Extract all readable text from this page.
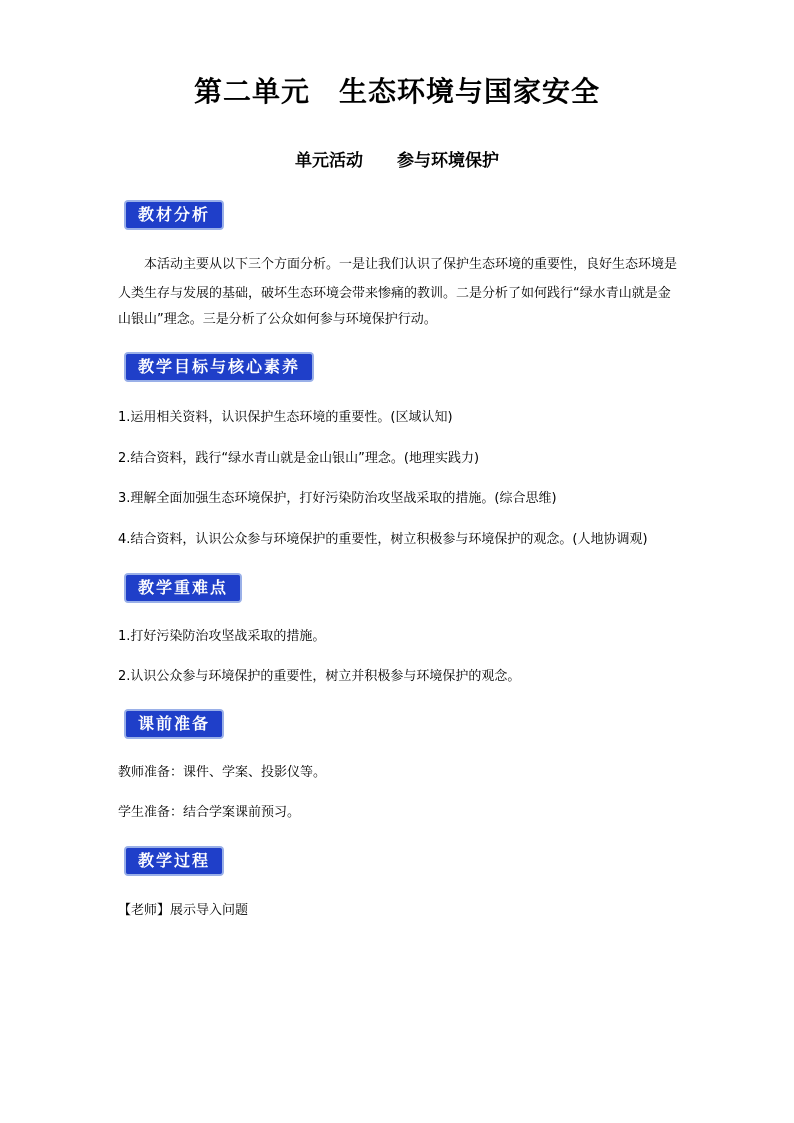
第二单元　生态环境与国家安全
单元活动　　参与环境保护
教材分析
　　本活动主要从以下三个方面分析。一是让我们认识了保护生态环境的重要性，良好生态环境是
人类生存与发展的基础，破坏生态环境会带来惨痛的教训。二是分析了如何践行“绿水青山就是金
山银山”理念。三是分析了公众如何参与环境保护行动。
教学目标与核心素养
1.运用相关资料，认识保护生态环境的重要性。(区域认知)
2.结合资料，践行“绿水青山就是金山银山”理念。(地理实践力)
3.理解全面加强生态环境保护，打好污染防治攻坚战采取的措施。(综合思维)
4.结合资料，认识公众参与环境保护的重要性，树立积极参与环境保护的观念。(人地协调观)
教学重难点
1.打好污染防治攻坚战采取的措施。
2.认识公众参与环境保护的重要性，树立并积极参与环境保护的观念。
课前准备
教师准备：课件、学案、投影仪等。
学生准备：结合学案课前预习。
教学过程
【老师】展示导入问题
